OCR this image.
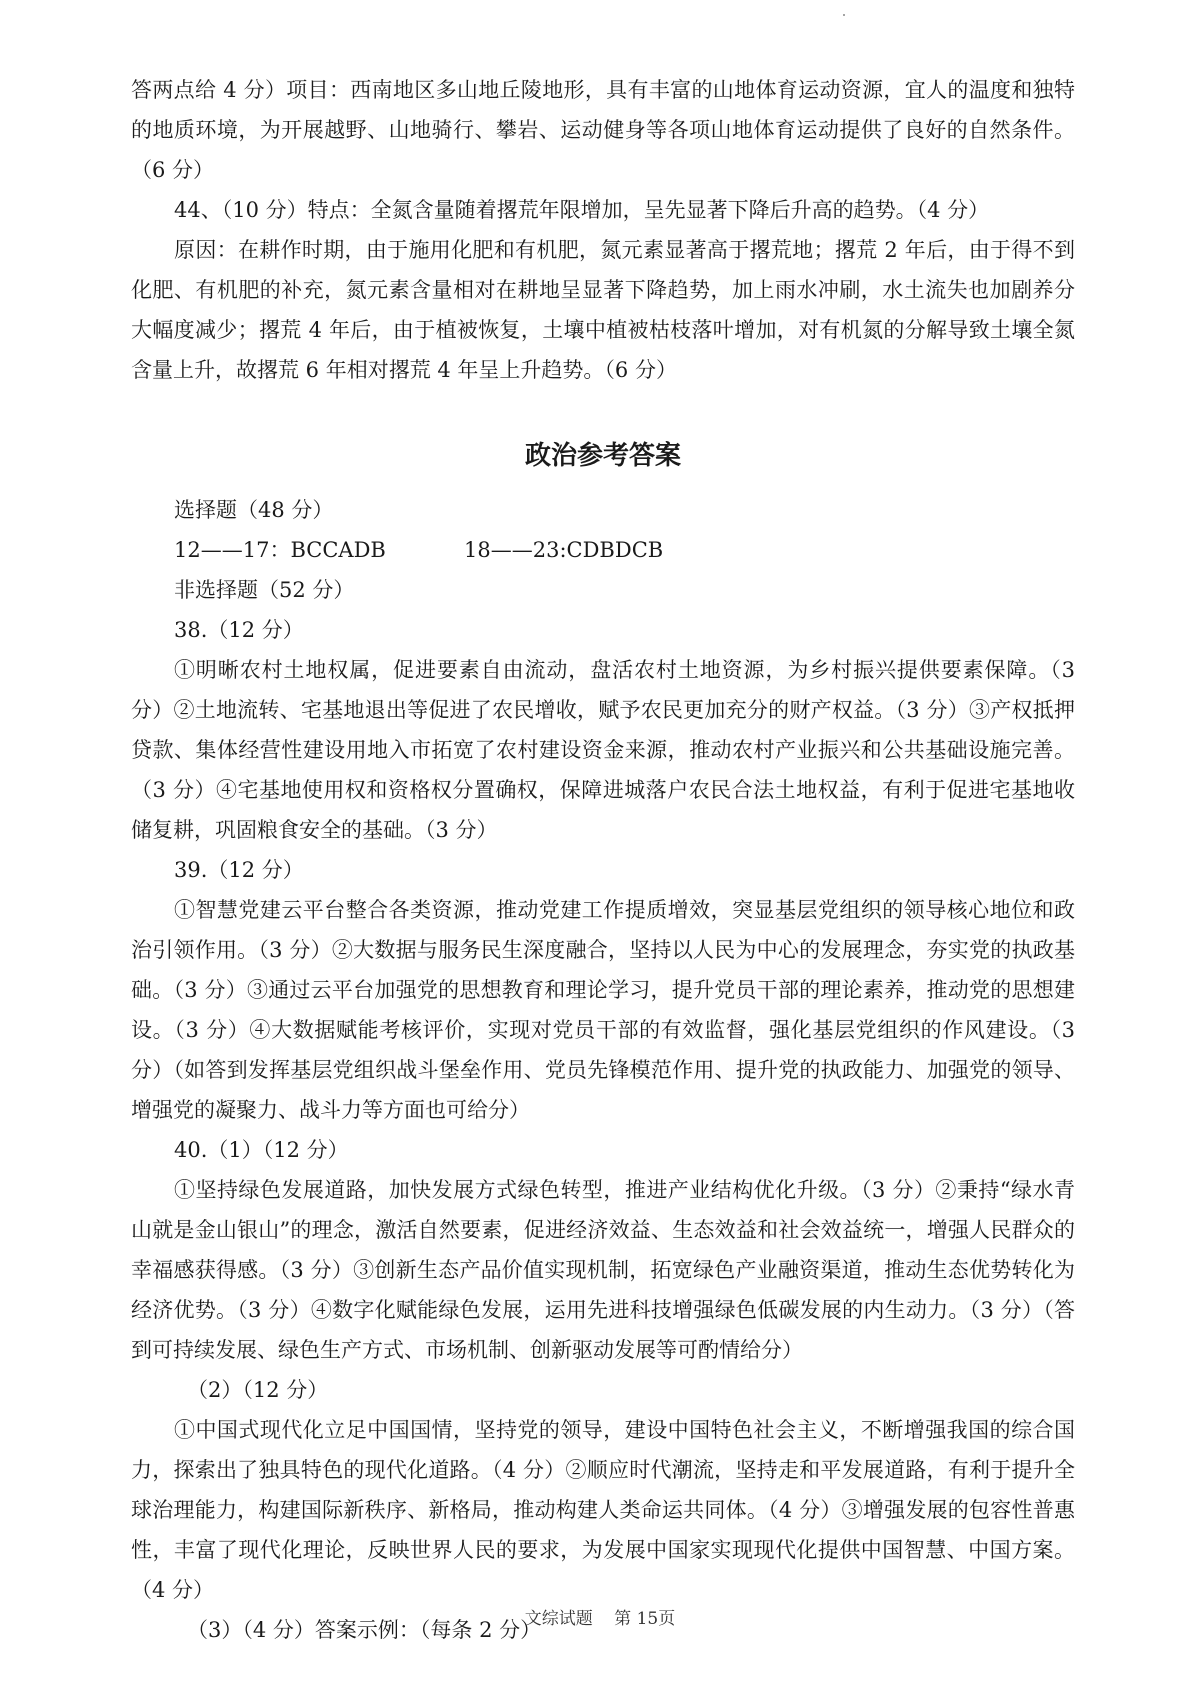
答两点给 4 分）项目：西南地区多山地丘陵地形，具有丰富的山地体育运动资源，宜人的温度和独特的地质环境，为开展越野、山地骑行、攀岩、运动健身等各项山地体育运动提供了良好的自然条件。（6 分）

44、（10 分）特点：全氮含量随着撂荒年限增加，呈先显著下降后升高的趋势。（4 分）

原因：在耕作时期，由于施用化肥和有机肥，氮元素显著高于撂荒地；撂荒 2 年后，由于得不到化肥、有机肥的补充，氮元素含量相对在耕地呈显著下降趋势，加上雨水冲刷，水土流失也加剧养分大幅度减少；撂荒 4 年后，由于植被恢复，土壤中植被枯枝落叶增加，对有机氮的分解导致土壤全氮含量上升，故撂荒 6 年相对撂荒 4 年呈上升趋势。（6 分）

政治参考答案

选择题（48 分）

12——17：BCCADB	18——23:CDBDCB

非选择题（52 分）

38.（12 分）

①明晰农村土地权属，促进要素自由流动，盘活农村土地资源，为乡村振兴提供要素保障。（3 分）②土地流转、宅基地退出等促进了农民增收，赋予农民更加充分的财产权益。（3 分）③产权抵押贷款、集体经营性建设用地入市拓宽了农村建设资金来源，推动农村产业振兴和公共基础设施完善。（3 分）④宅基地使用权和资格权分置确权，保障进城落户农民合法土地权益，有利于促进宅基地收储复耕，巩固粮食安全的基础。（3 分）

39.（12 分）

①智慧党建云平台整合各类资源，推动党建工作提质增效，突显基层党组织的领导核心地位和政治引领作用。（3 分）②大数据与服务民生深度融合，坚持以人民为中心的发展理念，夯实党的执政基础。（3 分）③通过云平台加强党的思想教育和理论学习，提升党员干部的理论素养，推动党的思想建设。（3 分）④大数据赋能考核评价，实现对党员干部的有效监督，强化基层党组织的作风建设。（3 分）（如答到发挥基层党组织战斗堡垒作用、党员先锋模范作用、提升党的执政能力、加强党的领导、增强党的凝聚力、战斗力等方面也可给分）

40.（1）（12 分）

①坚持绿色发展道路，加快发展方式绿色转型，推进产业结构优化升级。（3 分）②秉持“绿水青山就是金山银山”的理念，激活自然要素，促进经济效益、生态效益和社会效益统一，增强人民群众的幸福感获得感。（3 分）③创新生态产品价值实现机制，拓宽绿色产业融资渠道，推动生态优势转化为经济优势。（3 分）④数字化赋能绿色发展，运用先进科技增强绿色低碳发展的内生动力。（3 分）（答到可持续发展、绿色生产方式、市场机制、创新驱动发展等可酌情给分）

（2）（12 分）

①中国式现代化立足中国国情，坚持党的领导，建设中国特色社会主义，不断增强我国的综合国力，探索出了独具特色的现代化道路。（4 分）②顺应时代潮流，坚持走和平发展道路，有利于提升全球治理能力，构建国际新秩序、新格局，推动构建人类命运共同体。（4 分）③增强发展的包容性普惠性，丰富了现代化理论，反映世界人民的要求，为发展中国家实现现代化提供中国智慧、中国方案。（4 分）

（3）（4 分）答案示例：（每条 2 分）

文综试题 第 15页
